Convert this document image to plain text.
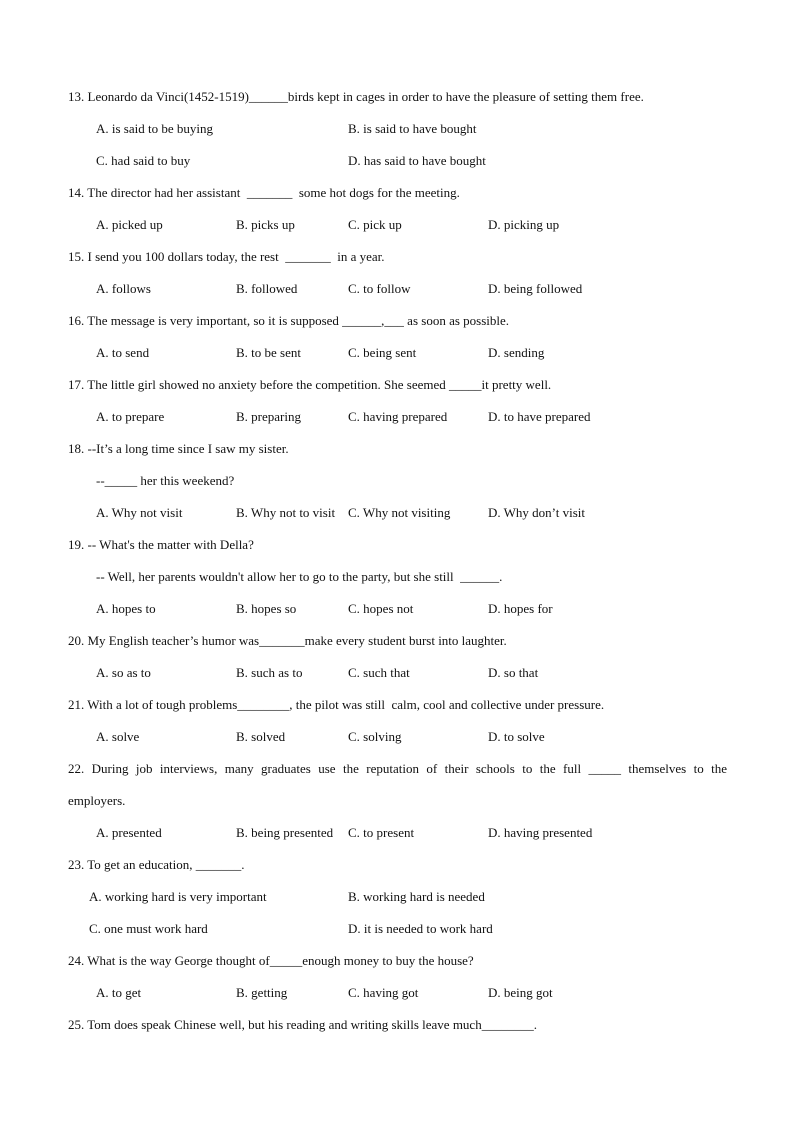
13. Leonardo da Vinci(1452-1519)______birds kept in cages in order to have the pleasure of setting them free.
A. is said to be buying	B. is said to have bought
C. had said to buy	D. has said to have bought
14. The director had her assistant  _______  some hot dogs for the meeting.
A. picked up	B. picks up	C. pick up	D. picking up
15. I send you 100 dollars today, the rest  _______  in a year.
A. follows	B. followed	C. to follow	D. being followed
16. The message is very important, so it is supposed ______,___ as soon as possible.
A. to send	B. to be sent	C. being sent	D. sending
17. The little girl showed no anxiety before the competition. She seemed _____it pretty well.
A. to prepare	B. preparing	C. having prepared	D. to have prepared
18. --It’s a long time since I saw my sister.
--_____ her this weekend?
A. Why not visit	B. Why not to visit C. Why not visiting	D. Why don’t visit
19. -- What's the matter with Della?
-- Well, her parents wouldn't allow her to go to the party, but she still  ______.
A. hopes to	B. hopes so	C. hopes not	D. hopes for
20. My English teacher’s humor was_______make every student burst into laughter.
A. so as to	B. such as to	C. such that	D. so that
21. With a lot of tough problems________, the pilot was still  calm, cool and collective under pressure.
A. solve	B. solved	C. solving	D. to solve
22. During job interviews, many graduates use the reputation of their schools to the full _____ themselves to the
employers.
A. presented	B. being presented C. to present	D. having presented
23. To get an education, _______.
A. working hard is very important	B. working hard is needed
C. one must work hard	D. it is needed to work hard
24. What is the way George thought of_____enough money to buy the house?
A. to get	B. getting	C. having got	D. being got
25. Tom does speak Chinese well, but his reading and writing skills leave much________.
